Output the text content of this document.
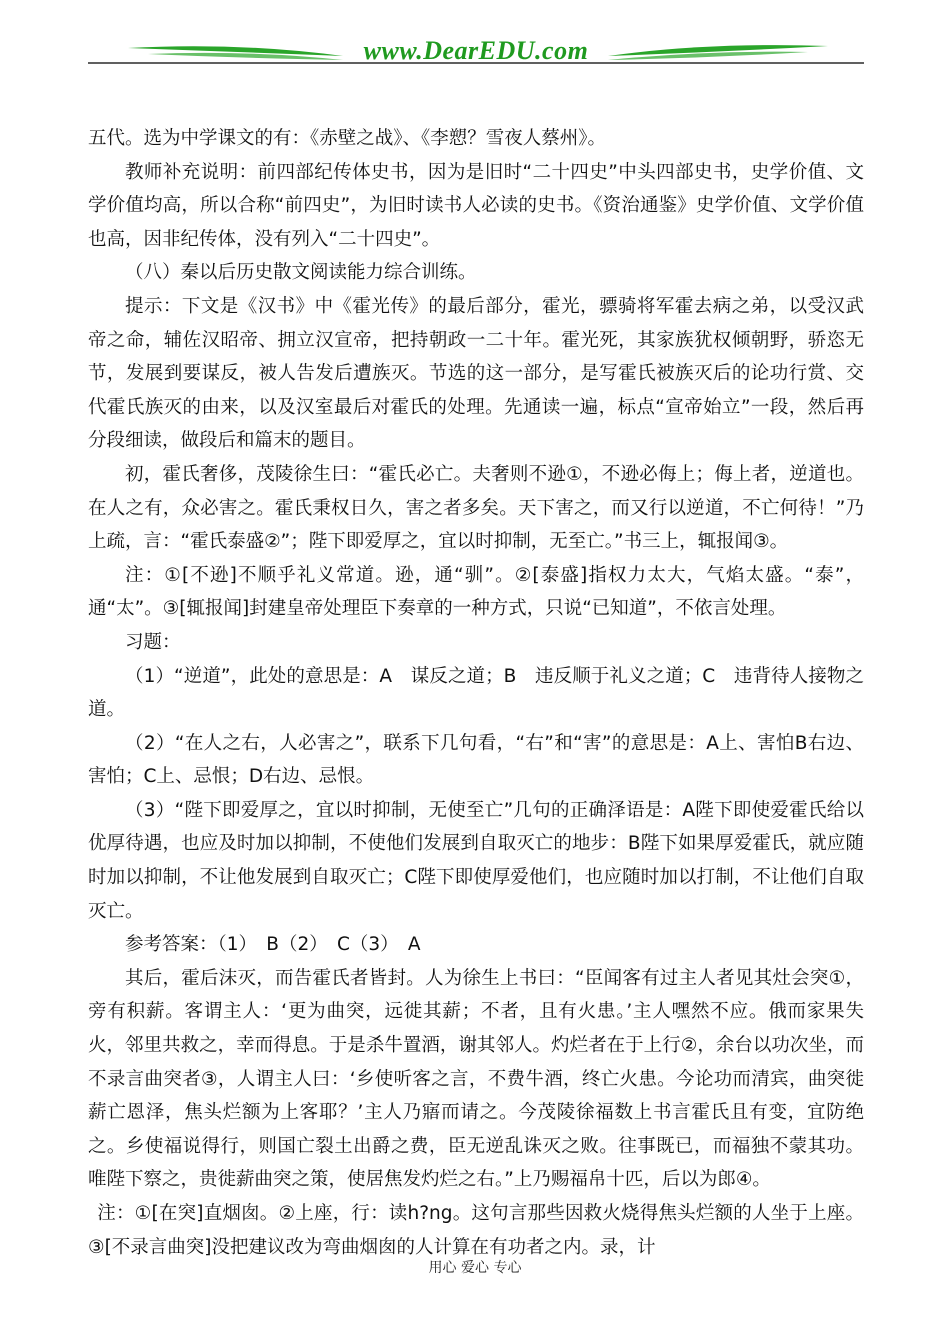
www.DearEDU.com

五代。选为中学课文的有：《赤壁之战》、《李愬？雪夜人蔡州》。

教师补充说明：前四部纪传体史书，因为是旧时“二十四史”中头四部史书，史学价值、文学价值均高，所以合称“前四史”，为旧时读书人必读的史书。《资治通鉴》史学价值、文学价值也高，因非纪传体，没有列入“二十四史”。

（八）秦以后历史散文阅读能力综合训练。

提示：下文是《汉书》中《霍光传》的最后部分，霍光，骠骑将军霍去病之弟，以受汉武帝之命，辅佐汉昭帝、拥立汉宣帝，把持朝政一二十年。霍光死，其家族犹权倾朝野，骄恣无节，发展到要谋反，被人告发后遭族灭。节选的这一部分，是写霍氏被族灭后的论功行赏、交代霍氏族灭的由来，以及汉室最后对霍氏的处理。先通读一遍，标点“宣帝始立”一段，然后再分段细读，做段后和篇末的题目。

初，霍氏奢侈，茂陵徐生曰：“霍氏必亡。夫奢则不逊①，不逊必侮上；侮上者，逆道也。在人之有，众必害之。霍氏秉权日久，害之者多矣。天下害之，而又行以逆道，不亡何待！”乃上疏，言：“霍氏泰盛②”；陛下即爱厚之，宜以时抑制，无至亡。”书三上，辄报闻③。

注：①[不逊]不顺乎礼义常道。逊，通“驯”。②[泰盛]指权力太大，气焰太盛。“泰”，通“太”。③[辄报闻]封建皇帝处理臣下奏章的一种方式，只说“已知道”，不依言处理。

习题：

（1）“逆道”，此处的意思是：A　谋反之道；B　违反顺于礼义之道；C　违背待人接物之道。

（2）“在人之右，人必害之”，联系下几句看，“右”和“害”的意思是：A上、害怕B右边、害怕；C上、忌恨；D右边、忌恨。

（3）“陛下即爱厚之，宜以时抑制，无使至亡”几句的正确泽语是：A陛下即使爱霍氏给以优厚待遇，也应及时加以抑制，不使他们发展到自取灭亡的地步：B陛下如果厚爱霍氏，就应随时加以抑制，不让他发展到自取灭亡；C陛下即使厚爱他们，也应随时加以打制，不让他们自取灭亡。

参考答案：（1）　B（2）　C（3）　A

其后，霍后沫灭，而告霍氏者皆封。人为徐生上书曰：“臣闻客有过主人者见其灶会突①，旁有积薪。客谓主人：‘更为曲突，远徙其薪；不者，且有火患。’主人嘿然不应。俄而家果失火，邻里共救之，幸而得息。于是杀牛置酒，谢其邻人。灼烂者在于上行②，余台以功次坐，而不录言曲突者③，人谓主人曰：‘乡使听客之言，不费牛酒，终亡火患。今论功而清宾，曲突徙薪亡恩泽，焦头烂额为上客耶？’主人乃寤而请之。今茂陵徐福数上书言霍氏且有变，宜防绝之。乡使福说得行，则国亡裂土出爵之费，臣无逆乱诛灭之败。往事既已，而福独不蒙其功。唯陛下察之，贵徙薪曲突之策，使居焦发灼烂之右。”上乃赐福帛十匹，后以为郎④。

注：①[在突]直烟囱。②上座，行：读h?ng。这句言那些因救火烧得焦头烂额的人坐于上座。③[不录言曲突]没把建议改为弯曲烟囱的人计算在有功者之内。录，计

用心 爱心 专心
